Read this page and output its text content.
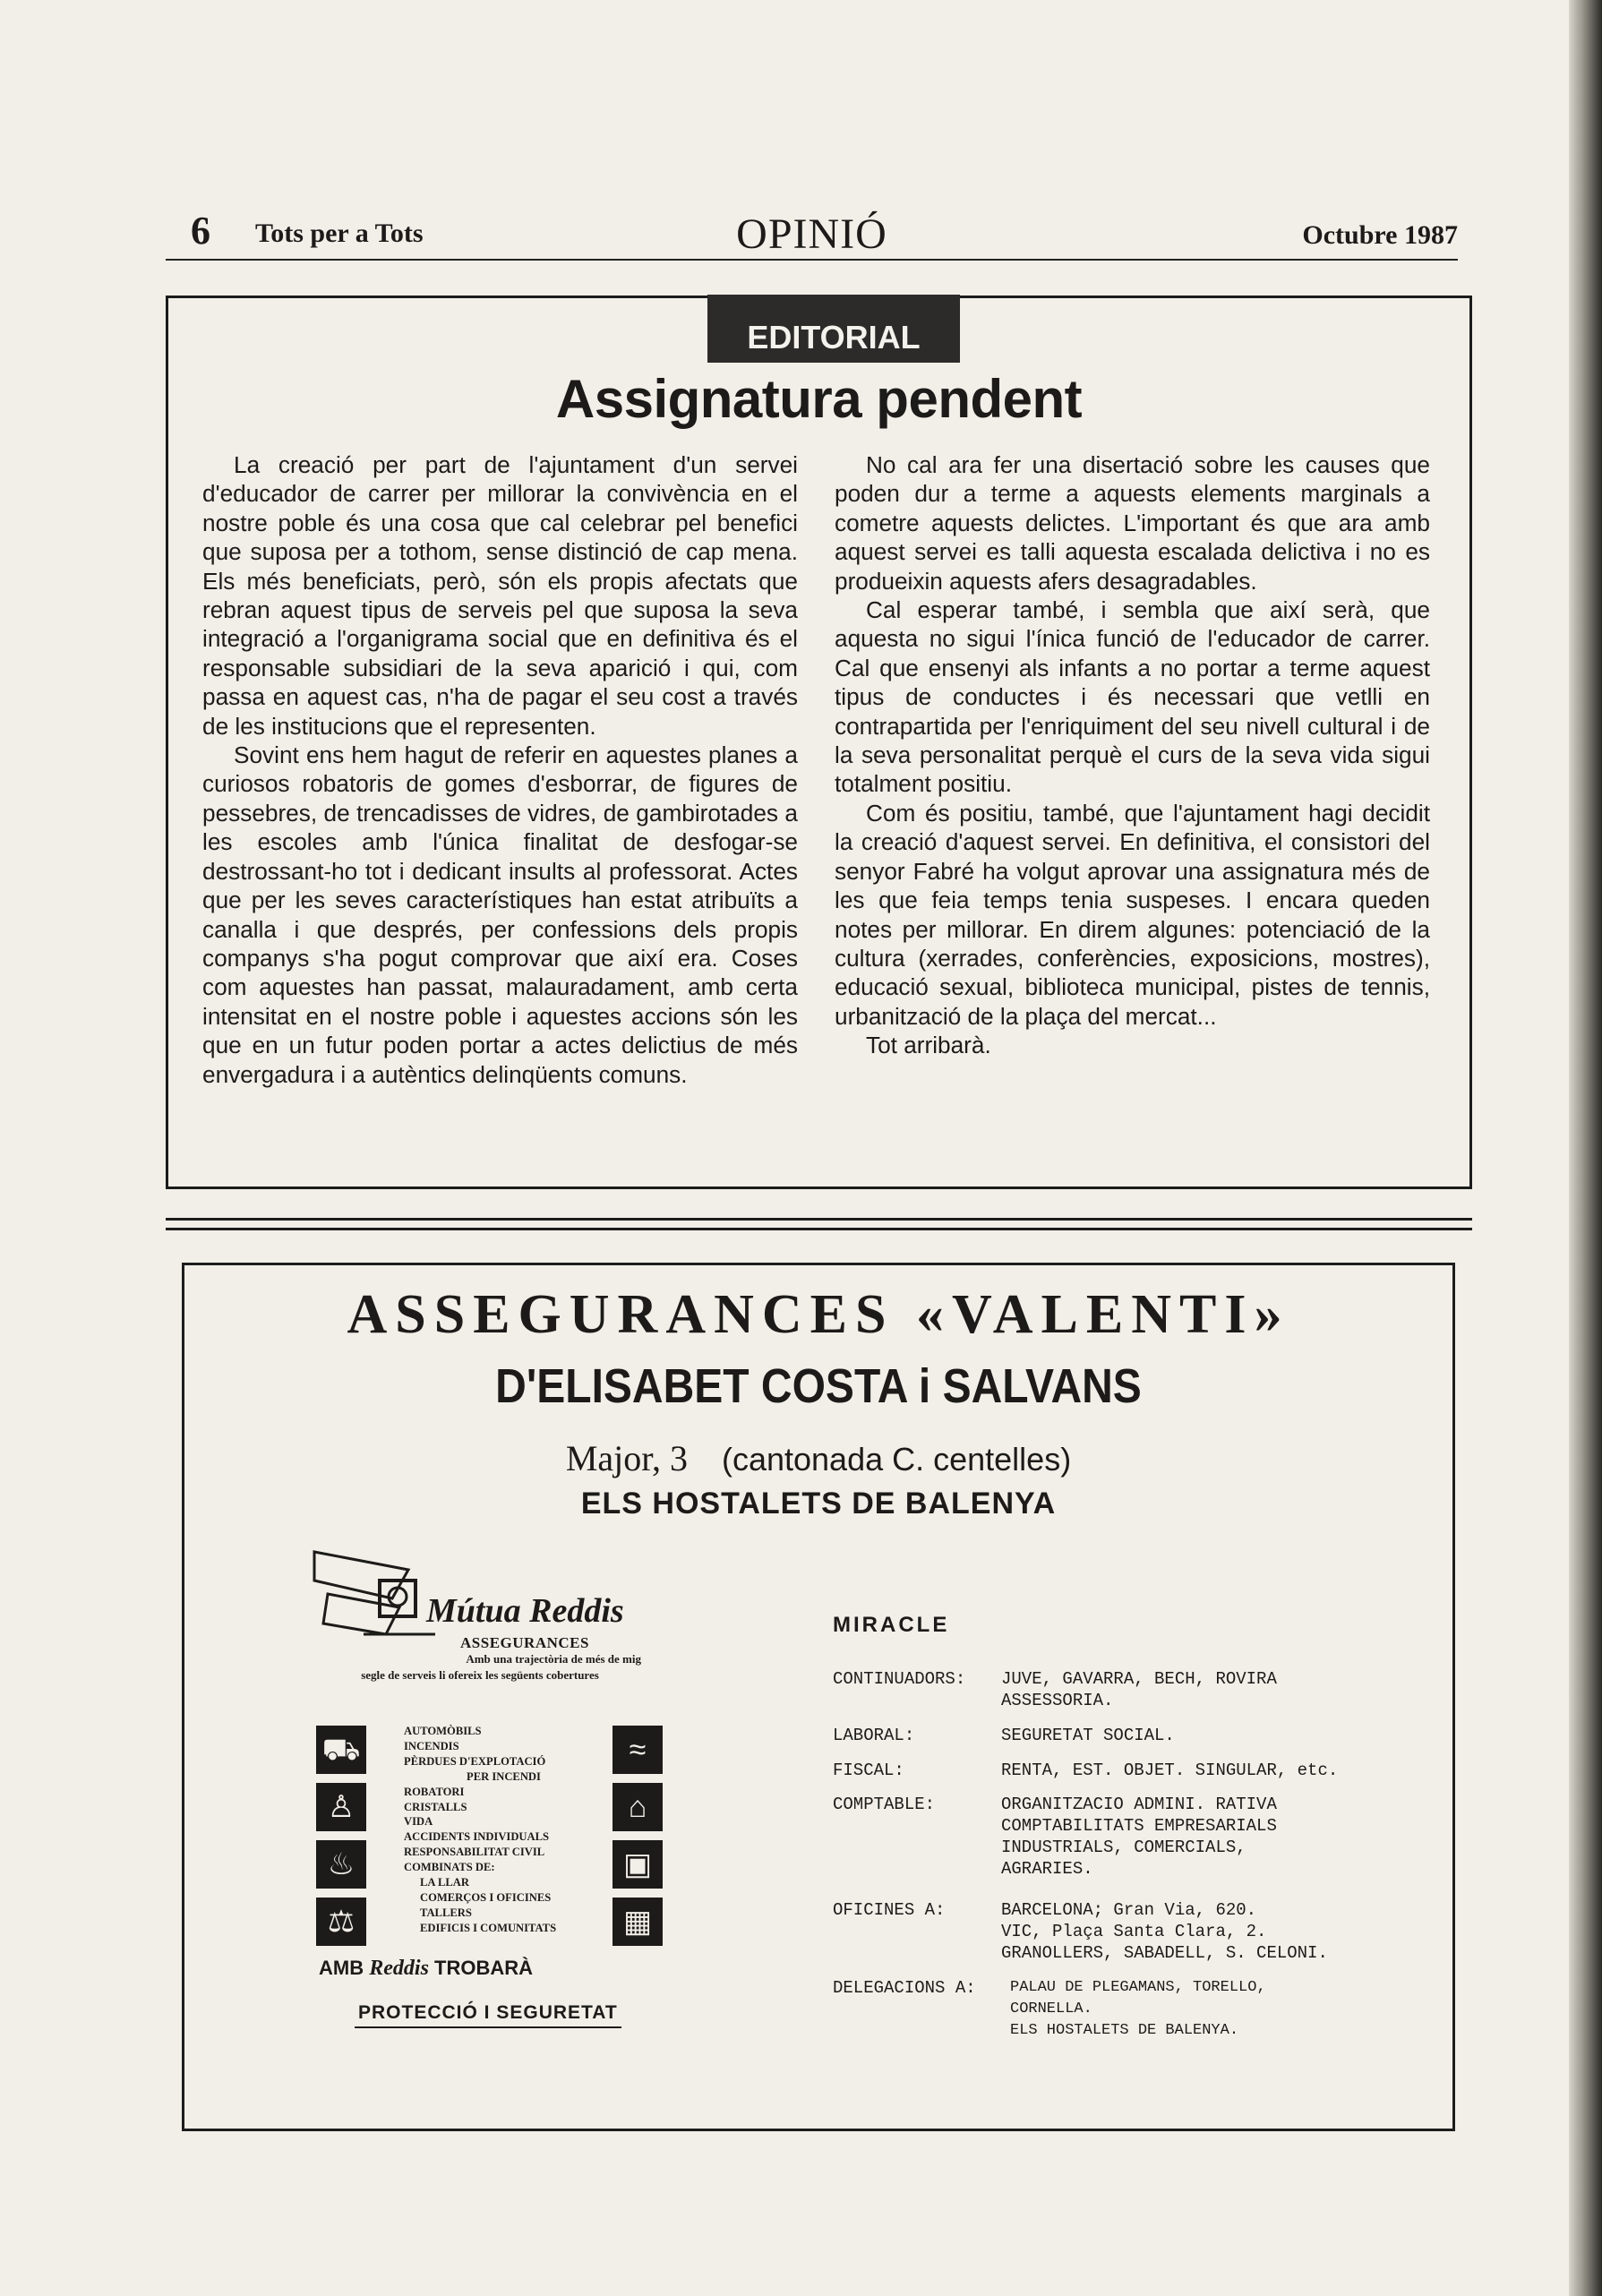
6 Tots per a Tots	OPINIÓ	Octubre 1987
EDITORIAL
Assignatura pendent

La creació per part de l'ajuntament d'un servei d'educador de carrer per millorar la convivència en el nostre poble és una cosa que cal celebrar pel benefici que suposa per a tothom, sense distinció de cap mena. Els més beneficiats, però, són els propis afectats que rebran aquest tipus de serveis pel que suposa la seva integració a l'organigrama social que en definitiva és el responsable subsidiari de la seva aparició i qui, com passa en aquest cas, n'ha de pagar el seu cost a través de les institucions que el representen.

Sovint ens hem hagut de referir en aquestes planes a curiosos robatoris de gomes d'esborrar, de figures de pessebres, de trencadisses de vidres, de gambirotades a les escoles amb l'única finalitat de desfogar-se destrossant-ho tot i dedicant insults al professorat. Actes que per les seves característiques han estat atribuïts a canalla i que després, per confessions dels propis companys s'ha pogut comprovar que així era. Coses com aquestes han passat, malauradament, amb certa intensitat en el nostre poble i aquestes accions són les que en un futur poden portar a actes delictius de més envergadura i a autèntics delinqüents comuns.

No cal ara fer una disertació sobre les causes que poden dur a terme a aquests elements marginals a cometre aquests delictes. L'important és que ara amb aquest servei es talli aquesta escalada delictiva i no es produeixin aquests afers desagradables.

Cal esperar també, i sembla que així serà, que aquesta no sigui l'ínica funció de l'educador de carrer. Cal que ensenyi als infants a no portar a terme aquest tipus de conductes i és necessari que vetlli en contrapartida per l'enriquiment del seu nivell cultural i de la seva personalitat perquè el curs de la seva vida sigui totalment positiu.

Com és positiu, també, que l'ajuntament hagi decidit la creació d'aquest servei. En definitiva, el consistori del senyor Fabré ha volgut aprovar una assignatura més de les que feia temps tenia suspeses. I encara queden notes per millorar. En direm algunes: potenciació de la cultura (xerrades, conferències, exposicions, mostres), educació sexual, biblioteca municipal, pistes de tennis, urbanització de la plaça del mercat...

Tot arribarà.

ASSEGURANCES «VALENTI»
D'ELISABET COSTA i SALVANS
Major, 3 (cantonada C. centelles)
ELS HOSTALETS DE BALENYA
Mútua Reddis
ASSEGURANCES
Amb una trajectòria de més de mig
segle de serveis li ofereix les següents cobertures
⛟
♙
♨
⚖
≈
⌂
▣
▦
AUTOMÒBILS
INCENDIS
PÈRDUES D'EXPLOTACIÓ
PER INCENDI
ROBATORI
CRISTALLS
VIDA
ACCIDENTS INDIVIDUALS
RESPONSABILITAT CIVIL
COMBINATS DE:
LA LLAR
COMERÇOS I OFICINES
TALLERS
EDIFICIS I COMUNITATS
AMB Reddis TROBARÀ
PROTECCIÓ I SEGURETAT
MIRACLE
CONTINUADORS: JUVE, GAVARRA, BECH, ROVIRA
ASSESSORIA.
LABORAL:	SEGURETAT SOCIAL.
FISCAL:	RENTA, EST. OBJET. SINGULAR, etc.
COMPTABLE:	ORGANITZACIO ADMINI. RATIVA
COMPTABILITATS EMPRESARIALS
INDUSTRIALS, COMERCIALS,
AGRARIES.
OFICINES A:	BARCELONA; Gran Via, 620.
VIC, Plaça Santa Clara, 2.
GRANOLLERS, SABADELL, S. CELONI.
DELEGACIONS A: PALAU DE PLEGAMANS, TORELLO,
CORNELLA.
ELS HOSTALETS DE BALENYA.
